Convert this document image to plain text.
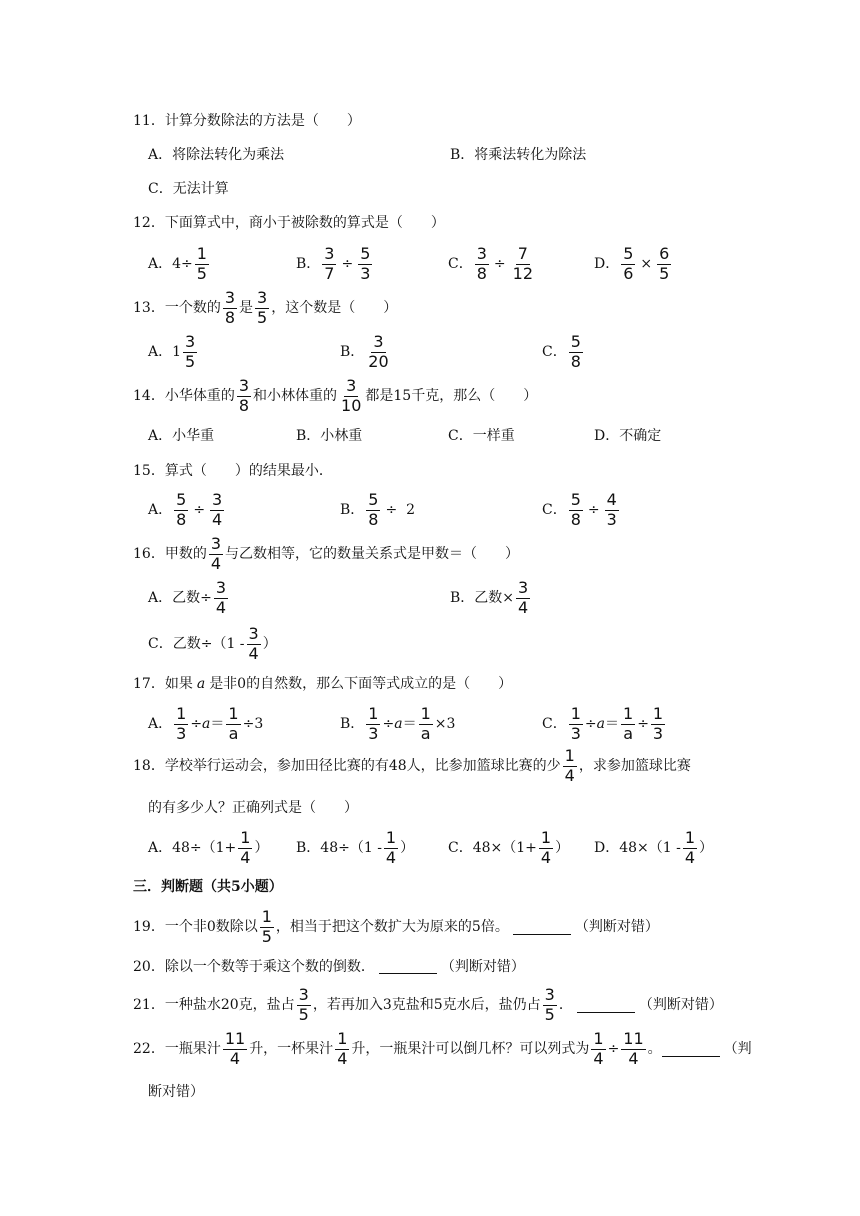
11．计算分数除法的方法是（　　）
A．将除法转化为乘法	B．将乘法转化为除法
C．无法计算
12．下面算式中，商小于被除数的算式是（　　）
A．$4\div \frac{1}{5}$	B． $\frac{3}{7} \div \frac{5}{3}$	C． $\frac{3}{8} \div \frac{7}{12}$	D． $\frac{5}{6} \times \frac{6}{5}$
13．一个数的 $\frac{3}{8}$ 是 $\frac{3}{5}$ ，这个数是（　　）
A． $1 \frac{3}{5}$	B． $\frac{3}{20}$	C． $\frac{5}{8}$
14．小华体重的 $\frac{3}{8}$ 和小林体重的 $\frac{3}{10}$ 都是15千克，那么（　　）
A．小华重	B．小林重	C．一样重	D．不确定
15．算式（　　）的结果最小．
A． $\frac{5}{8} \div \frac{3}{4}$	B． $\frac{5}{8} \div 2$	C． $\frac{5}{8} \div \frac{4}{3}$
16．甲数的 $\frac{3}{4}$ 与乙数相等，它的数量关系式是甲数＝（　　）
A．乙数÷ $\frac{3}{4}$	B．乙数× $\frac{3}{4}$
C．乙数$\div(1 - \frac{3}{4}$ ）
17．如果 a 是非0的自然数，那么下面等式成立的是（　　）
A． $\frac{1}{3} \div a = \frac{1}{a} \div 3$	B． $\frac{1}{3} \div a = \frac{1}{a} \times 3$	C． $\frac{1}{3} \div a = \frac{1}{a} \div \frac{1}{3}$
18．学校举行运动会，参加田径比赛的有48人，比参加篮球比赛的少 $\frac{1}{4}$ ，求参加篮球比赛
的有多少人？正确列式是（　　）
A．$48\div(1+ \frac{1}{4}$ ） B．$48\div(1 - \frac{1}{4}$ ） C．$48\times(1+ \frac{1}{4}$ ） D．$48\times(1 - \frac{1}{4}$ ）
三．判断题（共5小题）
19．一个非0数除以 $\frac{1}{5}$ ，相当于把这个数扩大为原来的5倍。	（判断对错）
20．除以一个数等于乘这个数的倒数．	（判断对错）
21．一种盐水20克，盐占 $\frac{3}{5}$ ，若再加入3克盐和5克水后，盐仍占 $\frac{3}{5}$ ．	（判断对错）
22．一瓶果汁 $\frac{11}{4}$ 升，一杯果汁 $\frac{1}{4}$ 升，一瓶果汁可以倒几杯？可以列式为 $\frac{1}{4} \div \frac{11}{4}$ 。	（判
断对错）
